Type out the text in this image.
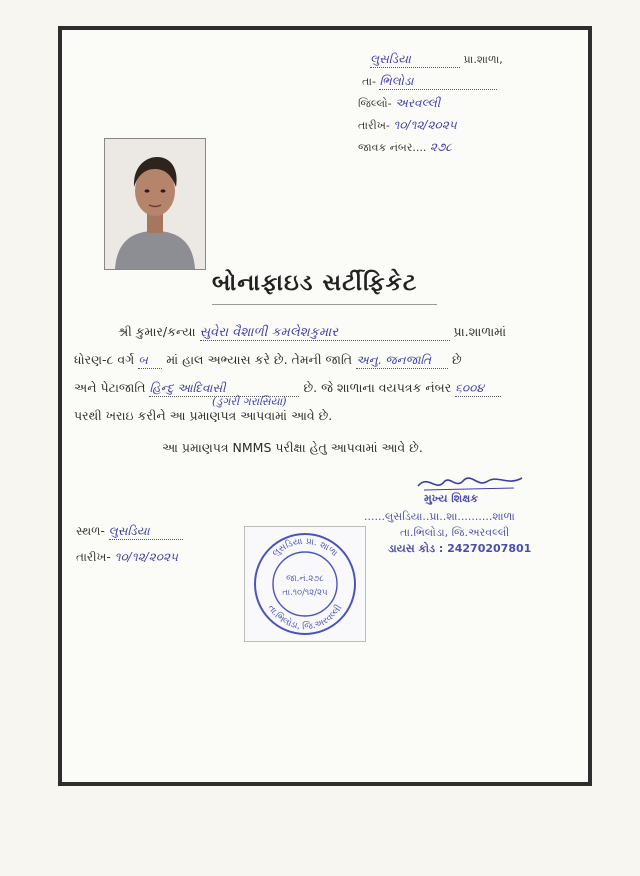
લુસડિયા	પ્રા.શાળા,
તા- ભિલોડા
જિલ્લો- અરવલ્લી
તારીખ- ૧૦/૧૨/૨૦૨૫
જાવક નંબર.... ૨૭૮
બોનાફાઇડ સર્ટીફિકેટ
શ્રી કુમાર/કન્યા સુવેરા વૈશાળી કમલેશકુમાર	પ્રા.શાળામાં
ધોરણ-૮ વર્ગ બ માં હાલ અભ્યાસ કરે છે. તેમની જાતિ અનુ. જનજાતિ છે
અને પેટાજાતિ હિન્દુ આદિવાસી	છે. જે શાળાના વયપત્રક નંબર ૬૦૦૪
(ડુંગરી ગરાસિયા)
પરથી ખરાઇ કરીને આ પ્રમાણપત્ર આપવામાં આવે છે.
આ પ્રમાણપત્ર NMMS પરીક્ષા હેતુ આપવામાં આવે છે.
મુખ્ય શિક્ષક
......લુસડિયા..પ્રા..શા..........શાળા
તા.ભિલોડા, જિ.અરવલ્લી
ડાયસ કોડ : 24270207801
સ્થળ- લુસડિયા
તારીખ- ૧૦/૧૨/૨૦૨૫	લુસડિયા પ્રા. શાળા
તા.ભિલોડા, જિ.અરવલ્લી
જા.નં.૨૭૮
તા.૧૦/૧૨/૨૫
